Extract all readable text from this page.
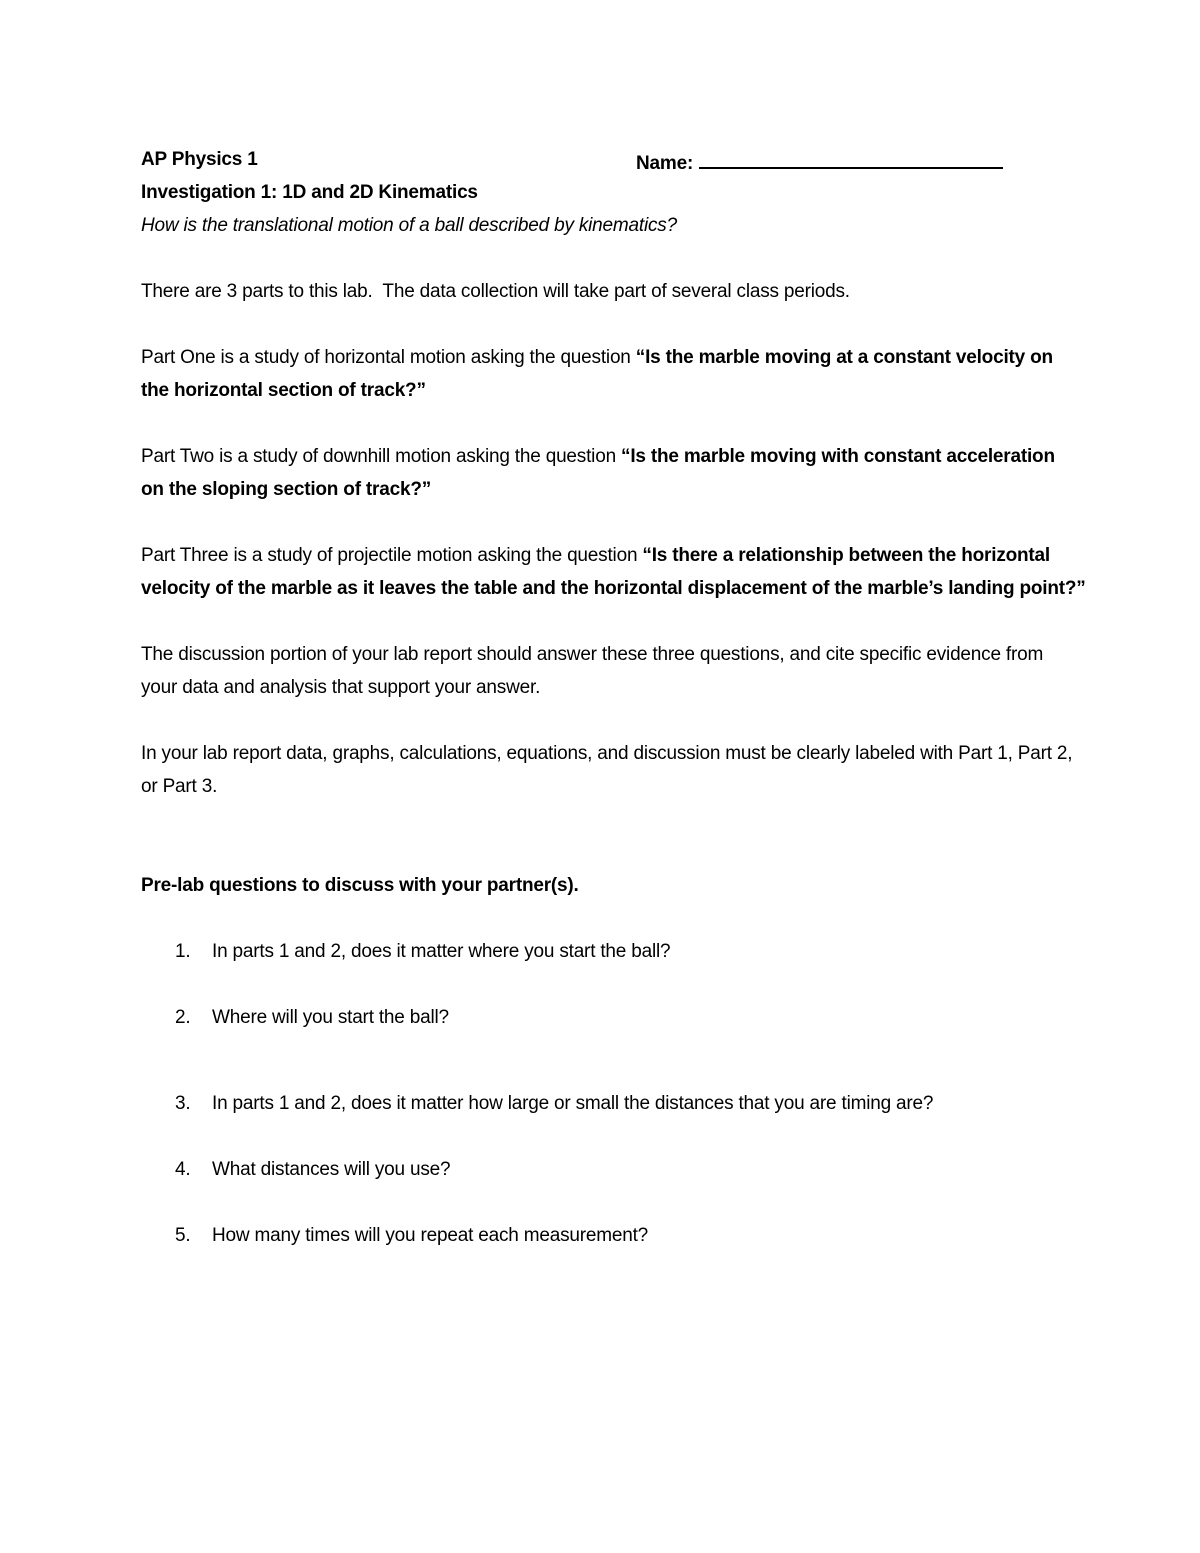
AP Physics 1	Name:
Investigation 1: 1D and 2D Kinematics
How is the translational motion of a ball described by kinematics?

There are 3 parts to this lab.  The data collection will take part of several class periods.

Part One is a study of horizontal motion asking the question “Is the marble moving at a constant velocity on the horizontal section of track?”

Part Two is a study of downhill motion asking the question “Is the marble moving with constant acceleration on the sloping section of track?”

Part Three is a study of projectile motion asking the question “Is there a relationship between the horizontal velocity of the marble as it leaves the table and the horizontal displacement of the marble’s landing point?”

The discussion portion of your lab report should answer these three questions, and cite specific evidence from your data and analysis that support your answer.

In your lab report data, graphs, calculations, equations, and discussion must be clearly labeled with Part 1, Part 2, or Part 3.

Pre-lab questions to discuss with your partner(s).
1. In parts 1 and 2, does it matter where you start the ball?
2. Where will you start the ball?
3. In parts 1 and 2, does it matter how large or small the distances that you are timing are?
4. What distances will you use?
5. How many times will you repeat each measurement?
